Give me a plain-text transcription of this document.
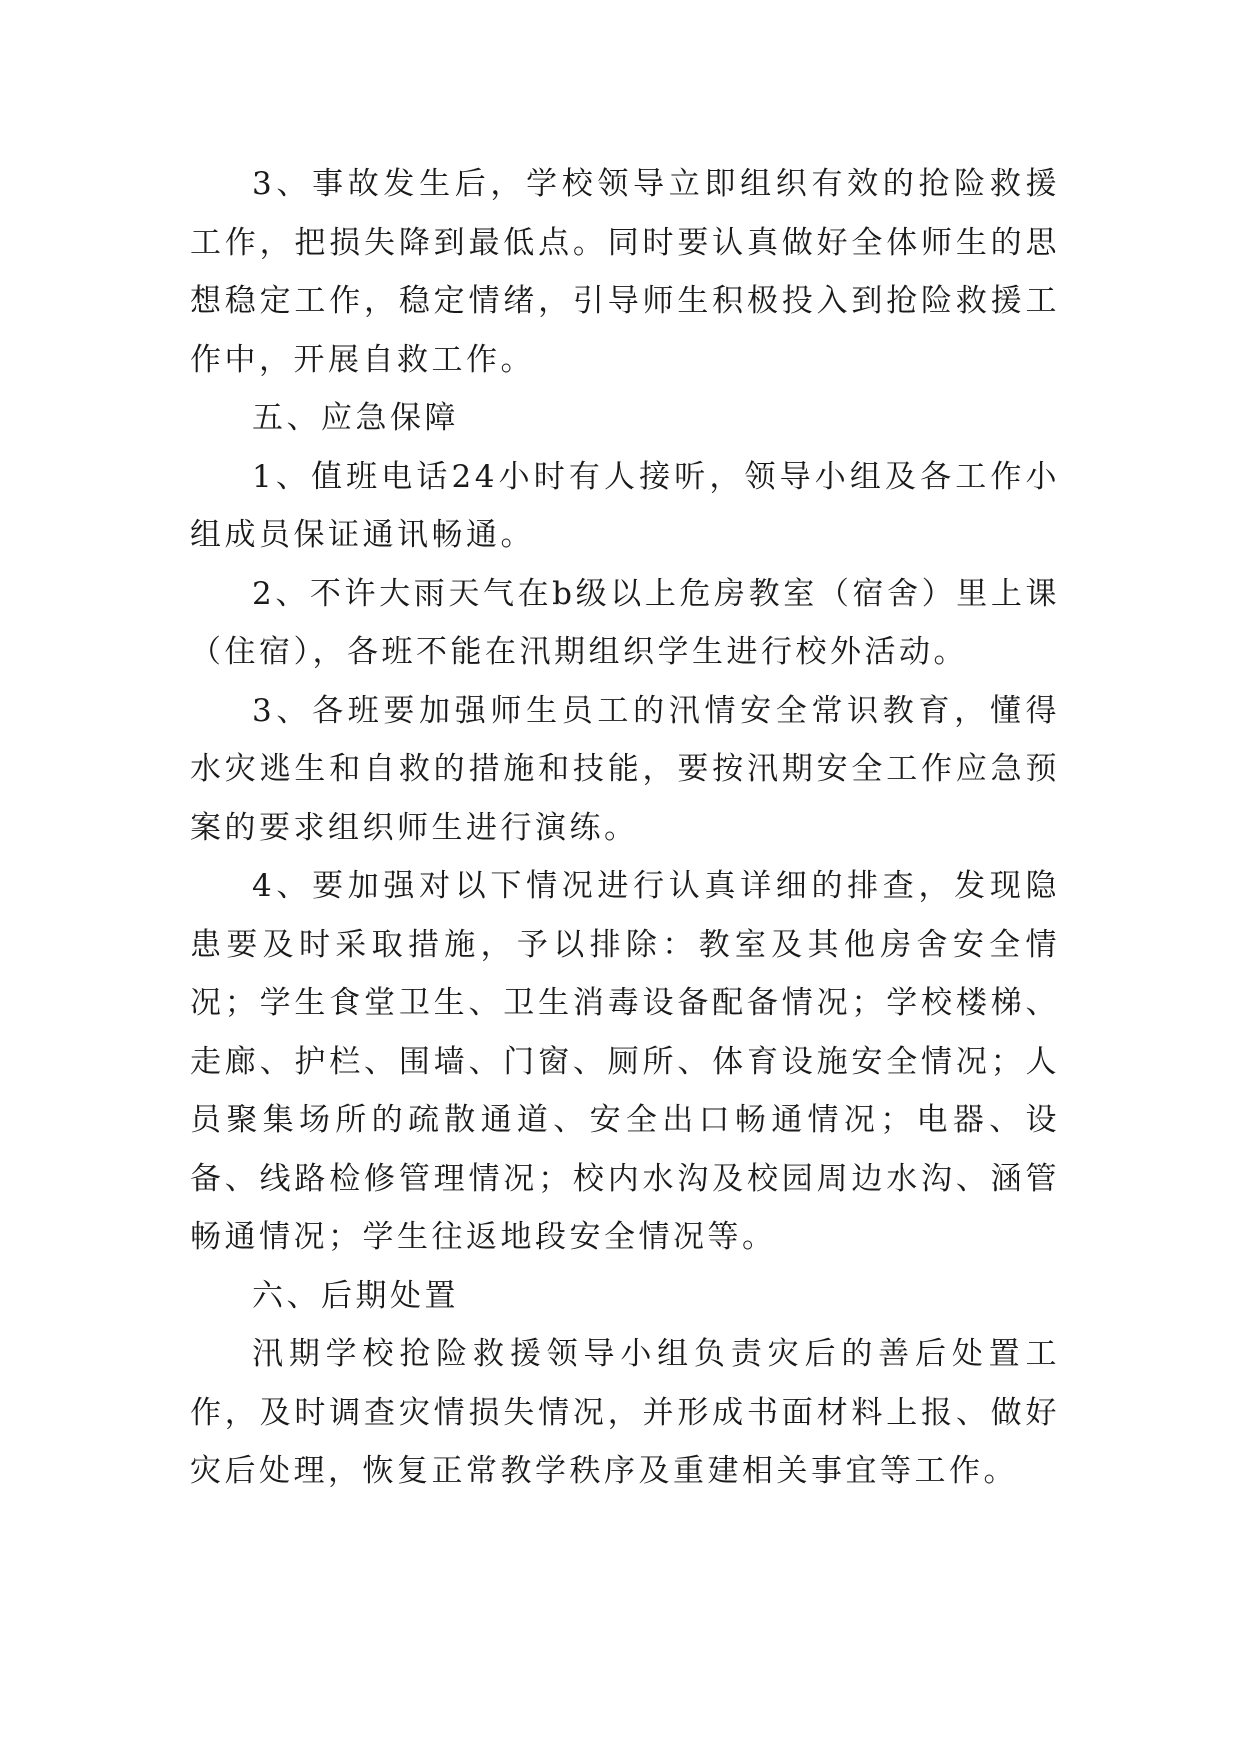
3、事故发生后，学校领导立即组织有效的抢险救援工作，把损失降到最低点。同时要认真做好全体师生的思想稳定工作，稳定情绪，引导师生积极投入到抢险救援工作中，开展自救工作。

五、应急保障

1、值班电话24小时有人接听，领导小组及各工作小组成员保证通讯畅通。

2、不许大雨天气在b级以上危房教室（宿舍）里上课（住宿），各班不能在汛期组织学生进行校外活动。

3、各班要加强师生员工的汛情安全常识教育，懂得水灾逃生和自救的措施和技能，要按汛期安全工作应急预案的要求组织师生进行演练。

4、要加强对以下情况进行认真详细的排查，发现隐患要及时采取措施，予以排除：教室及其他房舍安全情况；学生食堂卫生、卫生消毒设备配备情况；学校楼梯、走廊、护栏、围墙、门窗、厕所、体育设施安全情况；人员聚集场所的疏散通道、安全出口畅通情况；电器、设备、线路检修管理情况；校内水沟及校园周边水沟、涵管畅通情况；学生往返地段安全情况等。

六、后期处置

汛期学校抢险救援领导小组负责灾后的善后处置工作，及时调查灾情损失情况，并形成书面材料上报、做好灾后处理，恢复正常教学秩序及重建相关事宜等工作。
